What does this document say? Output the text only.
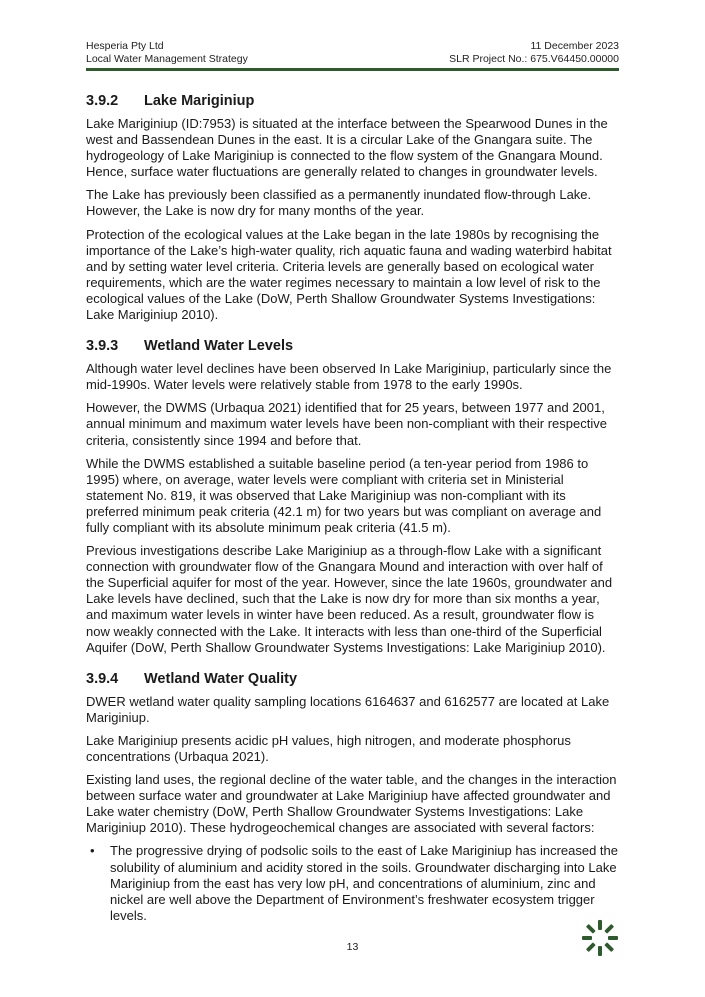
Hesperia Pty Ltd
Local Water Management Strategy
11 December 2023
SLR Project No.: 675.V64450.00000
3.9.2	Lake Mariginiup

Lake Mariginiup (ID:7953) is situated at the interface between the Spearwood Dunes in the west and Bassendean Dunes in the east. It is a circular Lake of the Gnangara suite. The hydrogeology of Lake Mariginiup is connected to the flow system of the Gnangara Mound. Hence, surface water fluctuations are generally related to changes in groundwater levels.

The Lake has previously been classified as a permanently inundated flow-through Lake. However, the Lake is now dry for many months of the year.

Protection of the ecological values at the Lake began in the late 1980s by recognising the importance of the Lake’s high-water quality, rich aquatic fauna and wading waterbird habitat and by setting water level criteria. Criteria levels are generally based on ecological water requirements, which are the water regimes necessary to maintain a low level of risk to the ecological values of the Lake (DoW, Perth Shallow Groundwater Systems Investigations: Lake Mariginiup 2010).

3.9.3	Wetland Water Levels

Although water level declines have been observed In Lake Mariginiup, particularly since the mid-1990s. Water levels were relatively stable from 1978 to the early 1990s.

However, the DWMS (Urbaqua 2021) identified that for 25 years, between 1977 and 2001, annual minimum and maximum water levels have been non-compliant with their respective criteria, consistently since 1994 and before that.

While the DWMS established a suitable baseline period (a ten-year period from 1986 to 1995) where, on average, water levels were compliant with criteria set in Ministerial statement No. 819, it was observed that Lake Mariginiup was non-compliant with its preferred minimum peak criteria (42.1 m) for two years but was compliant on average and fully compliant with its absolute minimum peak criteria (41.5 m).

Previous investigations describe Lake Mariginiup as a through-flow Lake with a significant connection with groundwater flow of the Gnangara Mound and interaction with over half of the Superficial aquifer for most of the year. However, since the late 1960s, groundwater and Lake levels have declined, such that the Lake is now dry for more than six months a year, and maximum water levels in winter have been reduced. As a result, groundwater flow is now weakly connected with the Lake. It interacts with less than one-third of the Superficial Aquifer (DoW, Perth Shallow Groundwater Systems Investigations: Lake Mariginiup 2010).

3.9.4	Wetland Water Quality

DWER wetland water quality sampling locations 6164637 and 6162577 are located at Lake Mariginiup.

Lake Mariginiup presents acidic pH values, high nitrogen, and moderate phosphorus concentrations (Urbaqua 2021).

Existing land uses, the regional decline of the water table, and the changes in the interaction between surface water and groundwater at Lake Mariginiup have affected groundwater and Lake water chemistry (DoW, Perth Shallow Groundwater Systems Investigations: Lake Mariginiup 2010). These hydrogeochemical changes are associated with several factors:

• The progressive drying of podsolic soils to the east of Lake Mariginiup has increased the solubility of aluminium and acidity stored in the soils. Groundwater discharging into Lake Mariginiup from the east has very low pH, and concentrations of aluminium, zinc and nickel are well above the Department of Environment’s freshwater ecosystem trigger levels.
13
